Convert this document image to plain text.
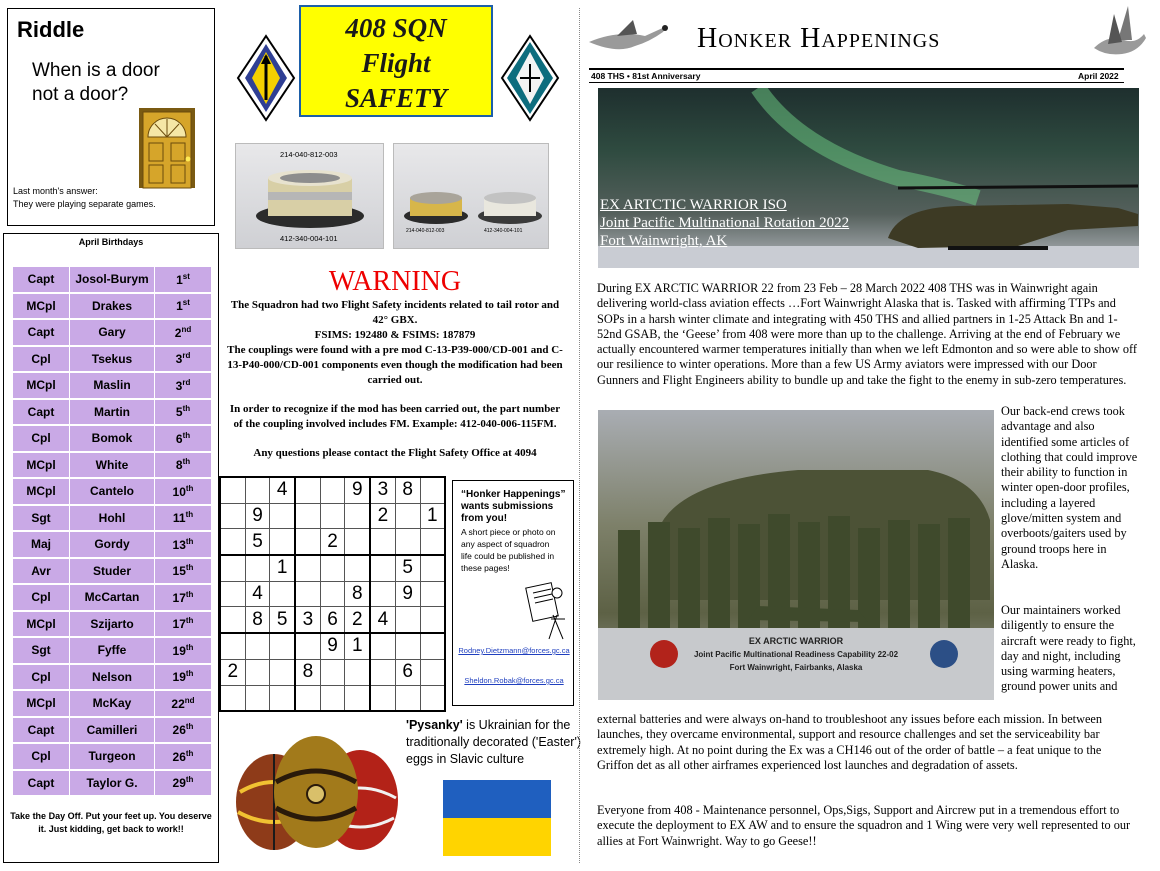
Riddle
When is a door not a door?
Last month's answer:
They were playing separate games.
April Birthdays
Capt	Josol-Burym	1st
MCpl	Drakes	1st
Capt	Gary	2nd
Cpl	Tsekus	3rd
MCpl	Maslin	3rd
Capt	Martin	5th
Cpl	Bomok	6th
MCpl	White	8th
MCpl	Cantelo	10th
Sgt	Hohl	11th
Maj	Gordy	13th
Avr	Studer	15th
Cpl	McCartan	17th
MCpl	Szijarto	17th
Sgt	Fyffe	19th
Cpl	Nelson	19th
MCpl	McKay	22nd
Capt	Camilleri	26th
Cpl	Turgeon	26th
Capt	Taylor G.	29th
Take the Day Off. Put your feet up. You deserve it. Just kidding, get back to work!!
408 SQN
Flight
SAFETY
214-040-812-003
412-340-004-101
214-040-812-003	412-340-004-101
WARNING

The Squadron had two Flight Safety incidents related to tail rotor and 42° GBX.

FSIMS: 192480 & FSIMS: 187879

The couplings were found with a pre mod C-13-P39-000/CD-001 and C-13-P40-000/CD-001 components even though the modification had been carried out.

In order to recognize if the mod has been carried out, the part number of the coupling involved includes FM. Example: 412-040-006-115FM.

Any questions please contact the Flight Safety Office at 4094

		4			9	3	8	
	9					2		1
	5			2				
		1					5	
	4				8		9	
	8	5	3	6	2	4		
				9	1			
2			8				6	

“Honker Happenings” wants submissions from you!
A short piece or photo on any aspect of squadron life could be published in these pages!
Rodney.Dietzmann@forces.gc.ca
Sheldon.Robak@forces.gc.ca
'Pysanky' is Ukrainian for the traditionally decorated ('Easter') eggs in Slavic culture
Honker Happenings
408 THS • 81st Anniversary	April 2022
EX ARTCTIC WARRIOR ISO
Joint Pacific Multinational Rotation 2022
Fort Wainwright, AK
During EX ARCTIC WARRIOR 22 from 23 Feb – 28 March 2022 408 THS was in Wainwright again delivering world-class aviation effects …Fort Wainwright Alaska that is. Tasked with affirming TTPs and SOPs in a harsh winter climate and integrating with 450 THS and allied partners in 1-25 Attack Bn and 1-52nd GSAB, the ‘Geese’ from 408 were more than up to the challenge. Arriving at the end of February we actually encountered warmer temperatures initially than when we left Edmonton and so were able to show off our resilience to winter operations. More than a few US Army aviators were impressed with our Door Gunners and Flight Engineers ability to bundle up and take the fight to the enemy in sub-zero temperatures.
EX ARCTIC WARRIOR
Joint Pacific Multinational Readiness Capability 22-02
Fort Wainwright, Fairbanks, Alaska
Our back-end crews took advantage and also identified some articles of clothing that could improve their ability to function in winter open-door profiles, including a layered glove/mitten system and overboots/gaiters used by ground troops here in Alaska.
Our maintainers worked diligently to ensure the aircraft were ready to fight, day and night, including using warming heaters, ground power units and
external batteries and were always on-hand to troubleshoot any issues before each mission. In between launches, they overcame environmental, support and resource challenges and set the serviceability bar extremely high. At no point during the Ex was a CH146 out of the order of battle – a feat unique to the Griffon det as all other airframes experienced lost launches and degradation of assets.
Everyone from 408 - Maintenance personnel, Ops,Sigs, Support and Aircrew put in a tremendous effort to execute the deployment to EX AW and to ensure the squadron and 1 Wing were very well represented to our allies at Fort Wainwright. Way to go Geese!!
